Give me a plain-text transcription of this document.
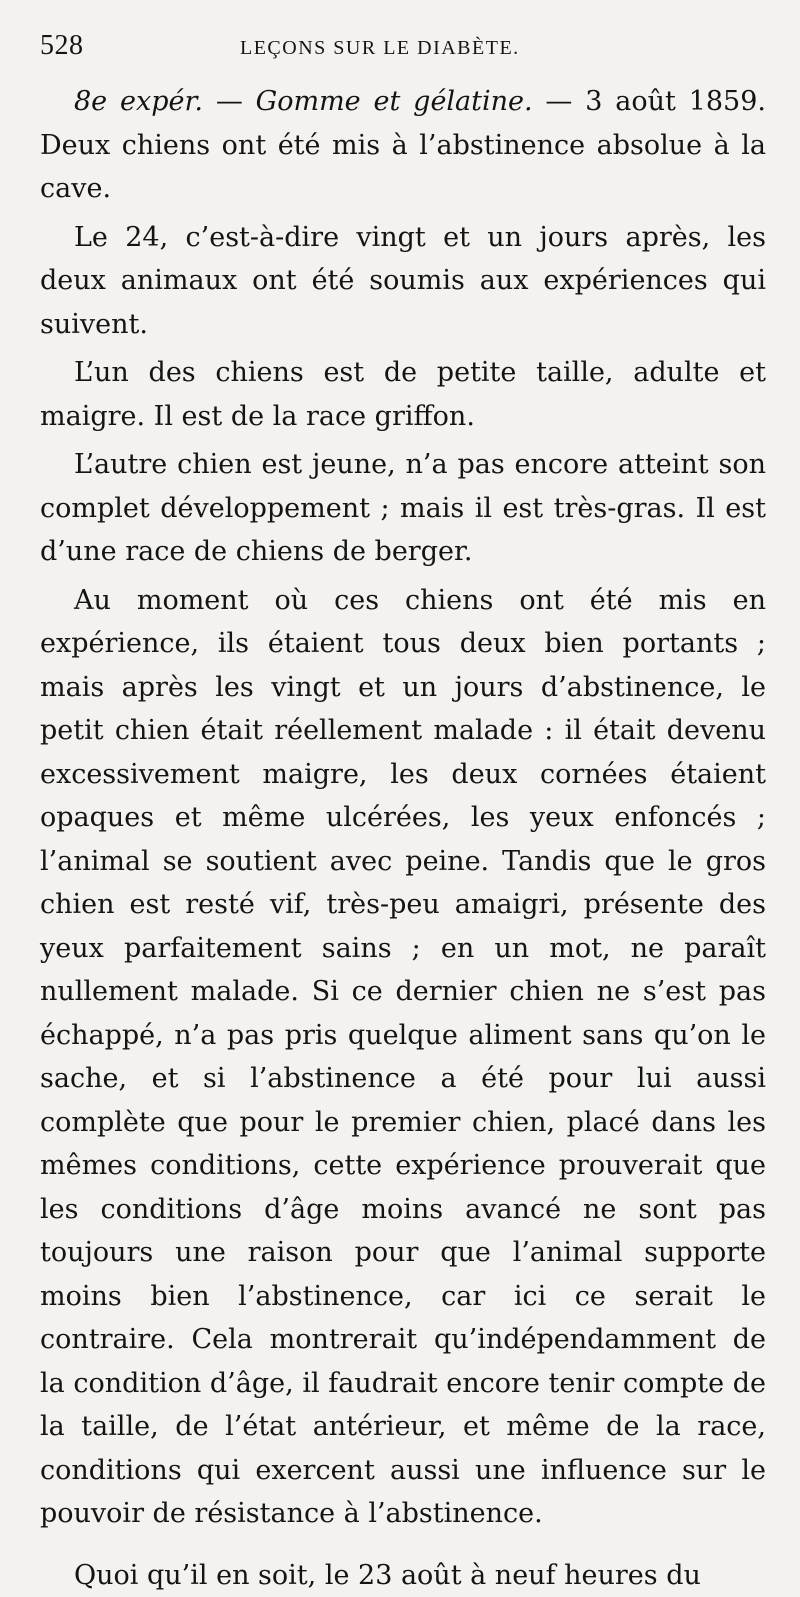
528	LEÇONS SUR LE DIABÈTE.

8e expér. — Gomme et gélatine. — 3 août 1859. Deux chiens ont été mis à l’abstinence absolue à la cave.

Le 24, c’est-à-dire vingt et un jours après, les deux animaux ont été soumis aux expériences qui suivent.

L’un des chiens est de petite taille, adulte et maigre. Il est de la race griffon.

L’autre chien est jeune, n’a pas encore atteint son complet développement ; mais il est très-gras. Il est d’une race de chiens de berger.

Au moment où ces chiens ont été mis en expérience, ils étaient tous deux bien portants ; mais après les vingt et un jours d’abstinence, le petit chien était réellement malade : il était devenu excessivement maigre, les deux cornées étaient opaques et même ulcérées, les yeux enfoncés ; l’animal se soutient avec peine. Tandis que le gros chien est resté vif, très-peu amaigri, présente des yeux parfaitement sains ; en un mot, ne paraît nullement malade. Si ce dernier chien ne s’est pas échappé, n’a pas pris quelque aliment sans qu’on le sache, et si l’abstinence a été pour lui aussi complète que pour le premier chien, placé dans les mêmes conditions, cette expérience prouverait que les conditions d’âge moins avancé ne sont pas toujours une raison pour que l’animal supporte moins bien l’abstinence, car ici ce serait le contraire. Cela montrerait qu’indépendamment de la condition d’âge, il faudrait encore tenir compte de la taille, de l’état antérieur, et même de la race, conditions qui exercent aussi une influence sur le pouvoir de résistance à l’abstinence.

Quoi qu’il en soit, le 23 août à neuf heures du
